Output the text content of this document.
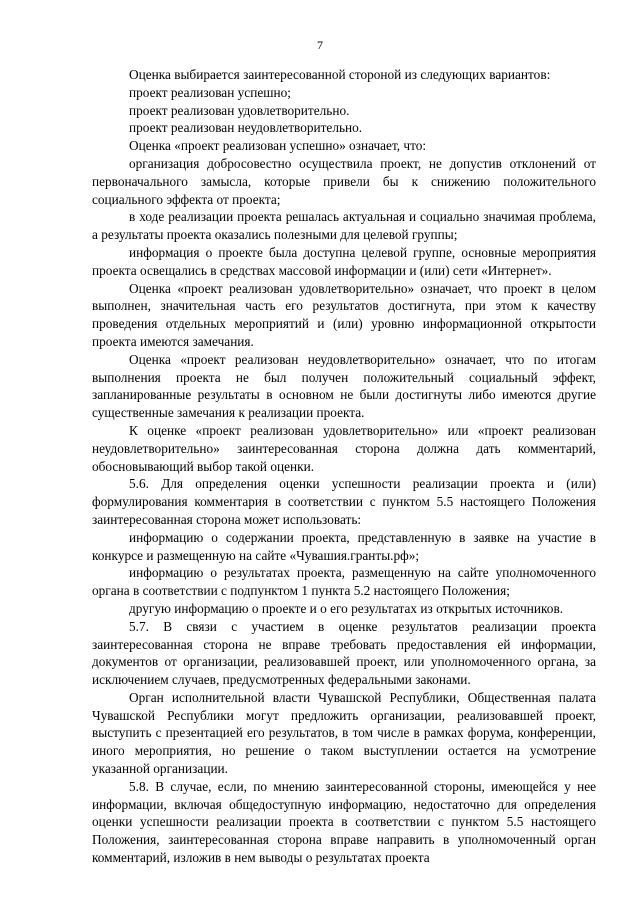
7

Оценка выбирается заинтересованной стороной из следующих вариантов:

проект реализован успешно;

проект реализован удовлетворительно.

проект реализован неудовлетворительно.

Оценка «проект реализован успешно» означает, что:

организация добросовестно осуществила проект, не допустив отклонений от первоначального замысла, которые привели бы к снижению положительного социального эффекта от проекта;

в ходе реализации проекта решалась актуальная и социально значимая проблема, а результаты проекта оказались полезными для целевой группы;

информация о проекте была доступна целевой группе, основные мероприятия проекта освещались в средствах массовой информации и (или) сети «Интернет».

Оценка «проект реализован удовлетворительно» означает, что проект в целом выполнен, значительная часть его результатов достигнута, при этом к качеству проведения отдельных мероприятий и (или) уровню информационной открытости проекта имеются замечания.

Оценка «проект реализован неудовлетворительно» означает, что по итогам выполнения проекта не был получен положительный социальный эффект, запланированные результаты в основном не были достигнуты либо имеются другие существенные замечания к реализации проекта.

К оценке «проект реализован удовлетворительно» или «проект реализован неудовлетворительно» заинтересованная сторона должна дать комментарий, обосновывающий выбор такой оценки.

5.6. Для определения оценки успешности реализации проекта и (или) формулирования комментария в соответствии с пунктом 5.5 настоящего Положения заинтересованная сторона может использовать:

информацию о содержании проекта, представленную в заявке на участие в конкурсе и размещенную на сайте «Чувашия.гранты.рф»;

информацию о результатах проекта, размещенную на сайте уполномоченного органа в соответствии с подпунктом 1 пункта 5.2 настоящего Положения;

другую информацию о проекте и о его результатах из открытых источников.

5.7. В связи с участием в оценке результатов реализации проекта заинтересованная сторона не вправе требовать предоставления ей информации, документов от организации, реализовавшей проект, или уполномоченного органа, за исключением случаев, предусмотренных федеральными законами.

Орган исполнительной власти Чувашской Республики, Общественная палата Чувашской Республики могут предложить организации, реализовавшей проект, выступить с презентацией его результатов, в том числе в рамках форума, конференции, иного мероприятия, но решение о таком выступлении остается на усмотрение указанной организации.

5.8. В случае, если, по мнению заинтересованной стороны, имеющейся у нее информации, включая общедоступную информацию, недостаточно для определения оценки успешности реализации проекта в соответствии с пунктом 5.5 настоящего Положения, заинтересованная сторона вправе направить в уполномоченный орган комментарий, изложив в нем выводы о результатах проекта
